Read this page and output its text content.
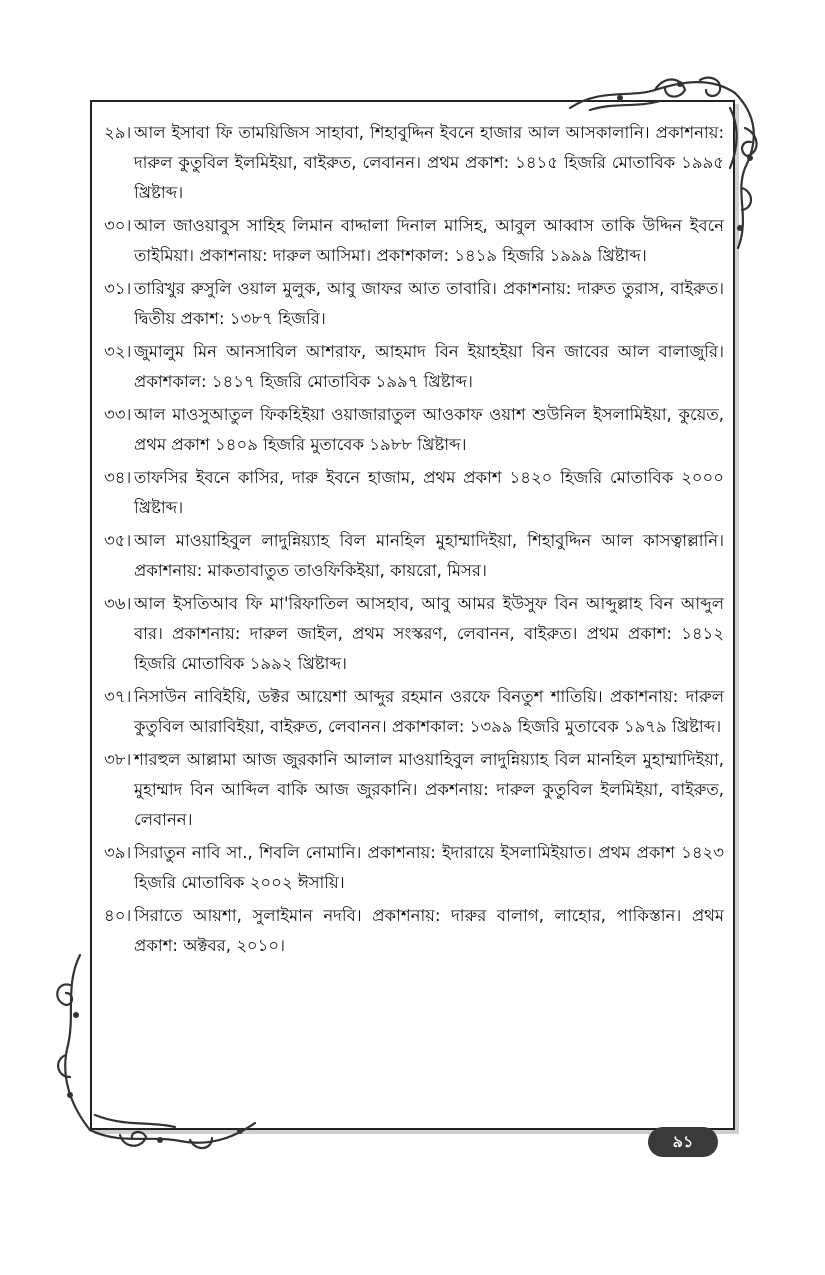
২৯। আল ইসাবা ফি তাময়িজিস সাহাবা, শিহাবুদ্দিন ইবনে হাজার আল আসকালানি। প্রকাশনায়: দারুল কুতুবিল ইলমিইয়া, বাইরুত, লেবানন। প্রথম প্রকাশ: ১৪১৫ হিজরি মোতাবিক ১৯৯৫ খ্রিষ্টাব্দ।
৩০। আল জাওয়াবুস সাহিহ লিমান বাদ্দালা দিনাল মাসিহ, আবুল আব্বাস তাকি উদ্দিন ইবনে তাইমিয়া। প্রকাশনায়: দারুল আসিমা। প্রকাশকাল: ১৪১৯ হিজরি ১৯৯৯ খ্রিষ্টাব্দ।
৩১। তারিখুর রুসুলি ওয়াল মুলুক, আবু জাফর আত তাবারি। প্রকাশনায়: দারুত তুরাস, বাইরুত। দ্বিতীয় প্রকাশ: ১৩৮৭ হিজরি।
৩২। জুমালুম মিন আনসাবিল আশরাফ, আহমাদ বিন ইয়াহইয়া বিন জাবের আল বালাজুরি। প্রকাশকাল: ১৪১৭ হিজরি মোতাবিক ১৯৯৭ খ্রিষ্টাব্দ।
৩৩। আল মাওসুআতুল ফিকহিইয়া ওয়াজারাতুল আওকাফ ওয়াশ শুউনিল ইসলামিইয়া, কুয়েত, প্রথম প্রকাশ ১৪০৯ হিজরি মুতাবেক ১৯৮৮ খ্রিষ্টাব্দ।
৩৪। তাফসির ইবনে কাসির, দারু ইবনে হাজাম, প্রথম প্রকাশ ১৪২০ হিজরি মোতাবিক ২০০০ খ্রিষ্টাব্দ।
৩৫। আল মাওয়াহিবুল লাদুন্নিয়্যাহ বিল মানহিল মুহাম্মাদিইয়া, শিহাবুদ্দিন আল কাসত্বাল্লানি। প্রকাশনায়: মাকতাবাতুত তাওফিকিইয়া, কায়রো, মিসর।
৩৬। আল ইসতিআব ফি মা'রিফাতিল আসহাব, আবু আমর ইউসুফ বিন আব্দুল্লাহ বিন আব্দুল বার। প্রকাশনায়: দারুল জাইল, প্রথম সংস্করণ, লেবানন, বাইরুত। প্রথম প্রকাশ: ১৪১২ হিজরি মোতাবিক ১৯৯২ খ্রিষ্টাব্দ।
৩৭। নিসাউন নাবিইয়ি, ডক্টর আয়েশা আব্দুর রহমান ওরফে বিনতুশ শাতিয়ি। প্রকাশনায়: দারুল কুতুবিল আরাবিইয়া, বাইরুত, লেবানন। প্রকাশকাল: ১৩৯৯ হিজরি মুতাবেক ১৯৭৯ খ্রিষ্টাব্দ।
৩৮। শারহুল আল্লামা আজ জুরকানি আলাল মাওয়াহিবুল লাদুন্নিয়্যাহ বিল মানহিল মুহাম্মাদিইয়া, মুহাম্মাদ বিন আব্দিল বাকি আজ জুরকানি। প্রকশনায়: দারুল কুতুবিল ইলমিইয়া, বাইরুত, লেবানন।
৩৯। সিরাতুন নাবি সা., শিবলি নোমানি। প্রকাশনায়: ইদারায়ে ইসলামিইয়াত। প্রথম প্রকাশ ১৪২৩ হিজরি মোতাবিক ২০০২ ঈসায়ি।
৪০। সিরাতে আয়শা, সুলাইমান নদবি। প্রকাশনায়: দারুর বালাগ, লাহোর, পাকিস্তান। প্রথম প্রকাশ: অক্টবর, ২০১০।
৯১
